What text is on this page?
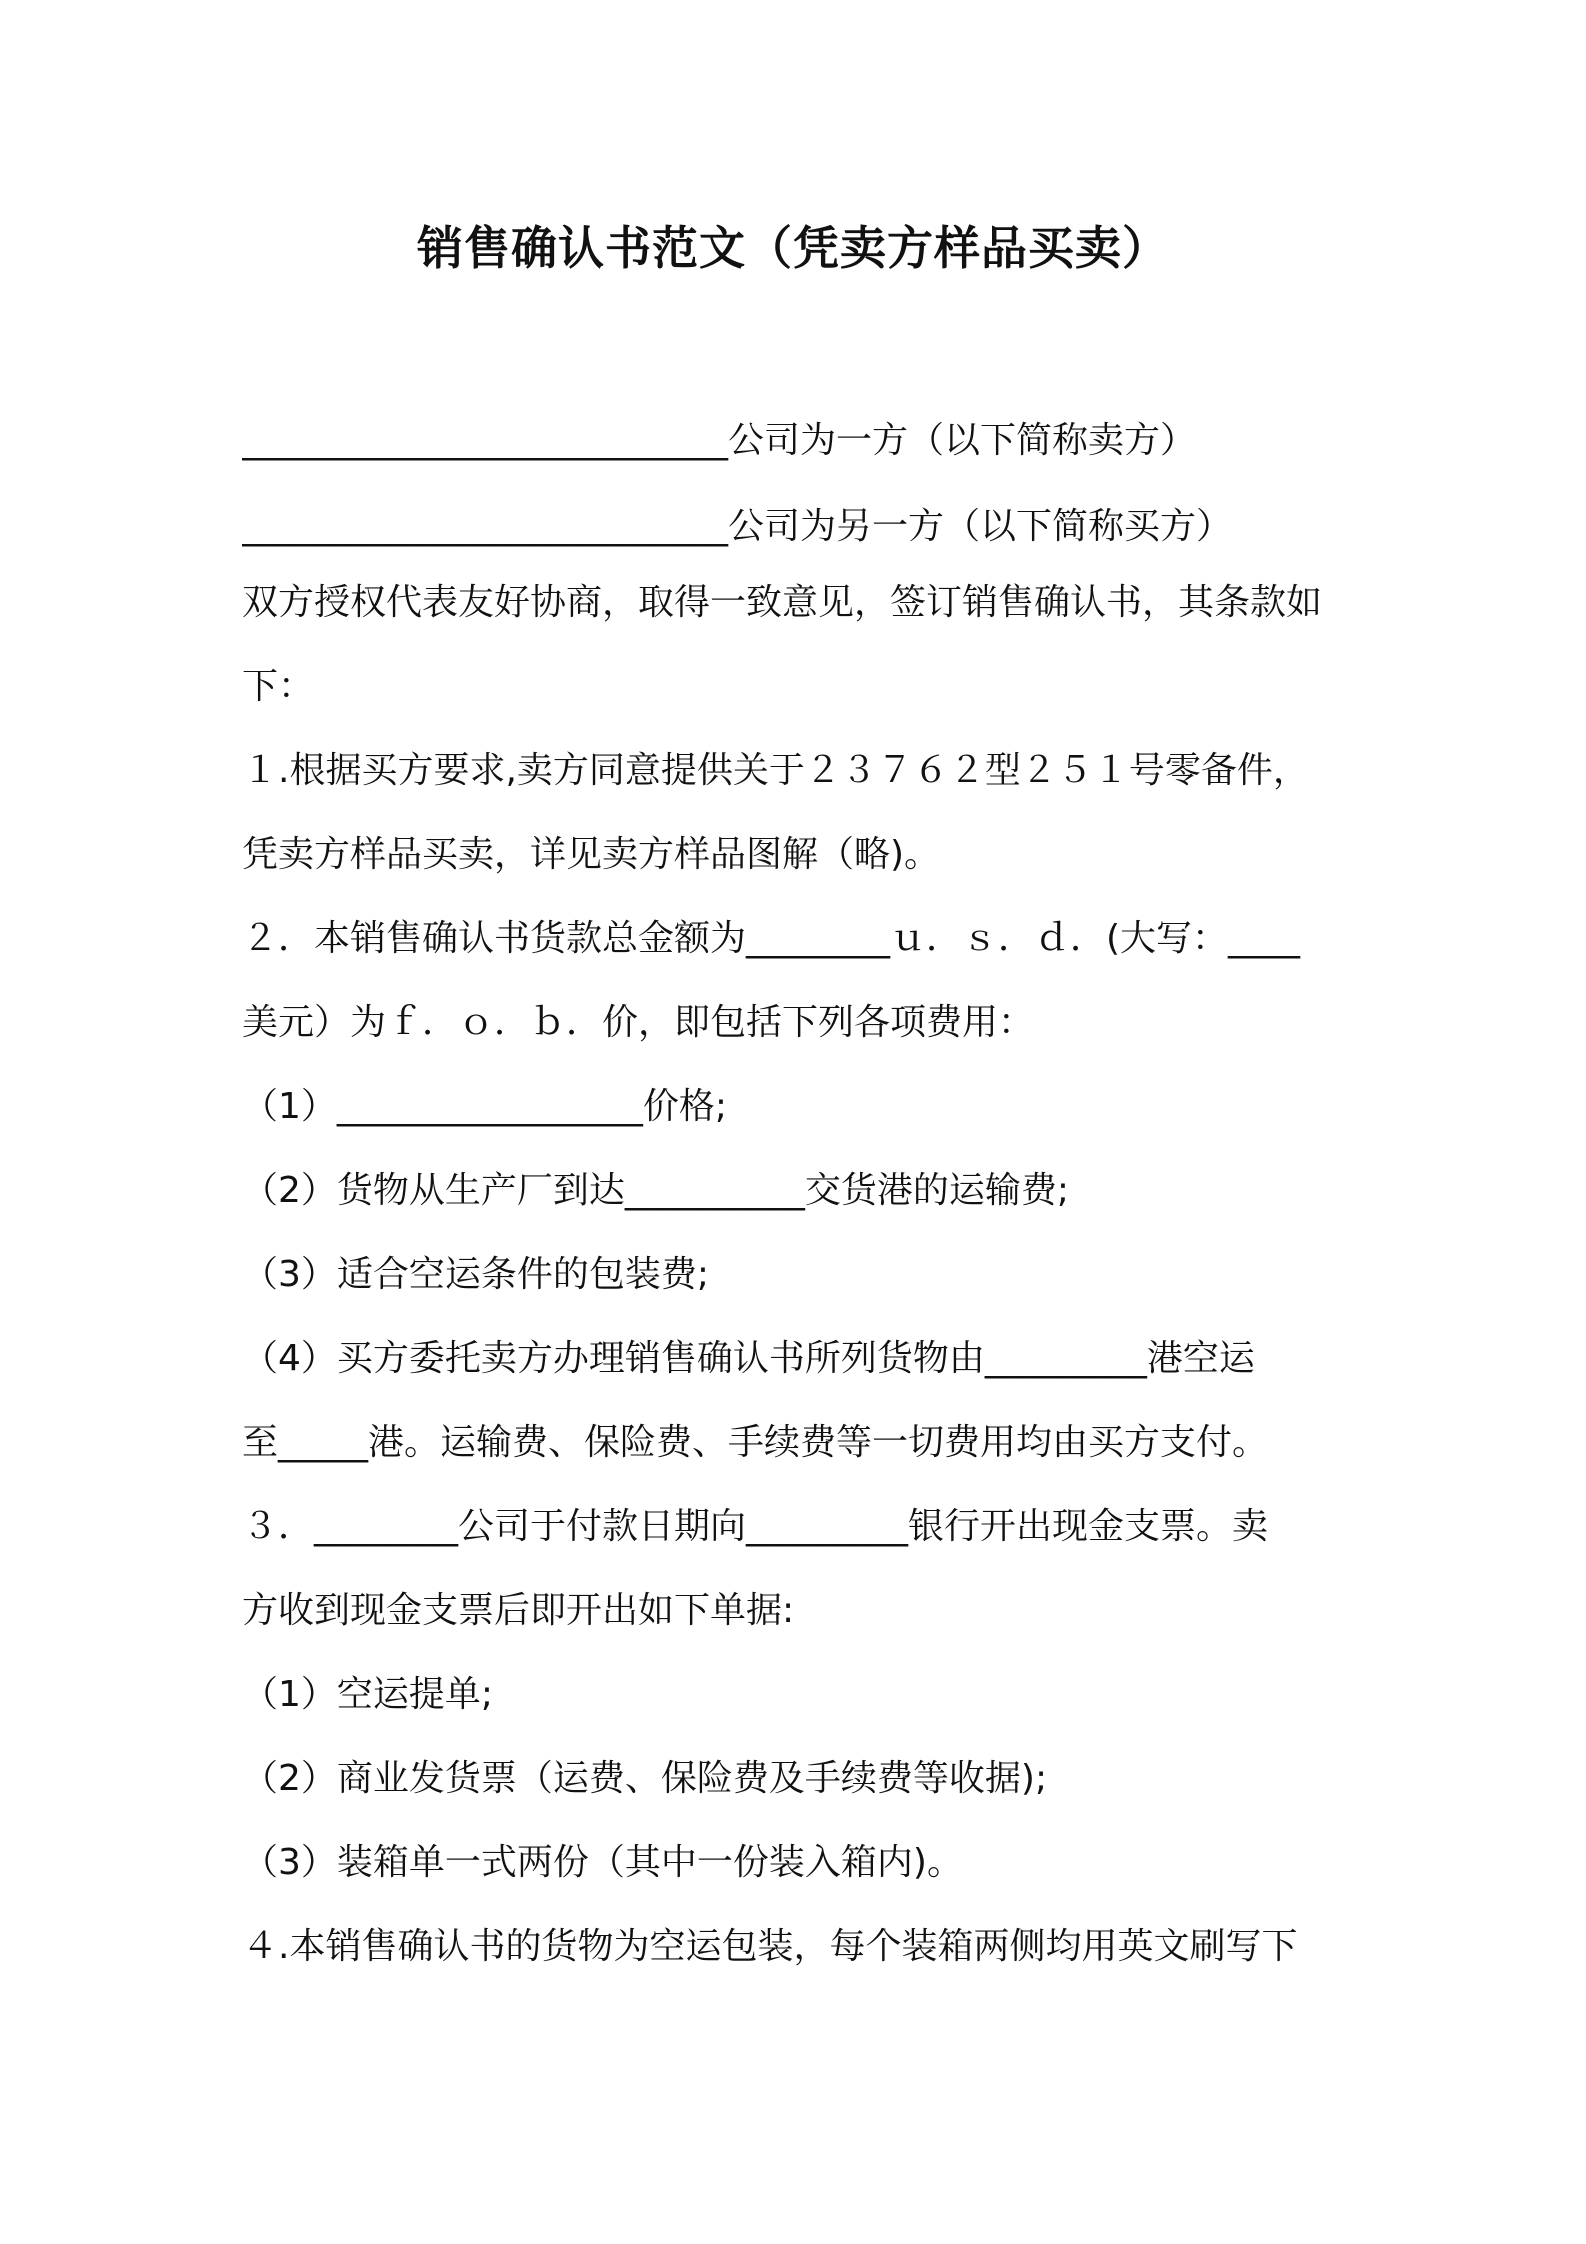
销售确认书范文（凭卖方样品买卖）
___________________________公司为一方（以下简称卖方）
___________________________公司为另一方（以下简称买方）
双方授权代表友好协商，取得一致意见，签订销售确认书，其条款如
下：
１.根据买方要求,卖方同意提供关于２３７６２型２５１号零备件，
凭卖方样品买卖，详见卖方样品图解（略)。
２．本销售确认书货款总金额为________ｕ．ｓ．ｄ．(大写：____
美元）为ｆ．ｏ．ｂ．价，即包括下列各项费用：
（1）_________________价格;
（2）货物从生产厂到达__________交货港的运输费;
（3）适合空运条件的包装费;
（4）买方委托卖方办理销售确认书所列货物由_________港空运
至_____港。运输费、保险费、手续费等一切费用均由买方支付。
３．________公司于付款日期向_________银行开出现金支票。卖
方收到现金支票后即开出如下单据:
（1）空运提单;
（2）商业发货票（运费、保险费及手续费等收据);
（3）装箱单一式两份（其中一份装入箱内)。
４.本销售确认书的货物为空运包装，每个装箱两侧均用英文刷写下
